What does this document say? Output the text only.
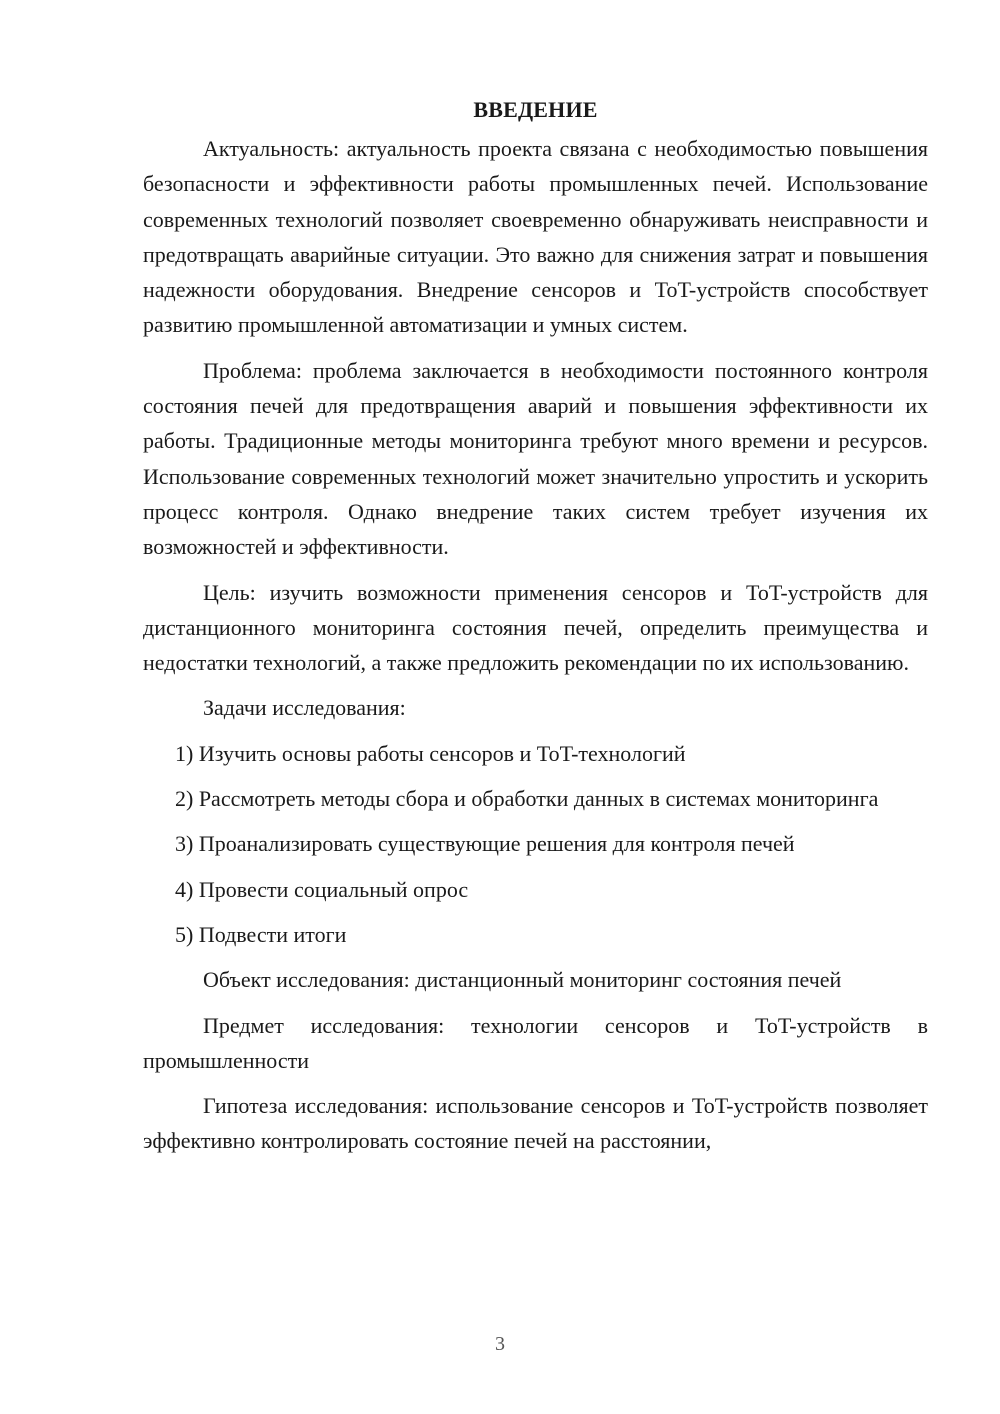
ВВЕДЕНИЕ

Актуальность: актуальность проекта связана с необходимостью повышения безопасности и эффективности работы промышленных печей. Использование современных технологий позволяет своевременно обнаруживать неисправности и предотвращать аварийные ситуации. Это важно для снижения затрат и повышения надежности оборудования. Внедрение сенсоров и ToT-устройств способствует развитию промышленной автоматизации и умных систем.

Проблема: проблема заключается в необходимости постоянного контроля состояния печей для предотвращения аварий и повышения эффективности их работы. Традиционные методы мониторинга требуют много времени и ресурсов. Использование современных технологий может значительно упростить и ускорить процесс контроля. Однако внедрение таких систем требует изучения их возможностей и эффективности.

Цель: изучить возможности применения сенсоров и ToT-устройств для дистанционного мониторинга состояния печей, определить преимущества и недостатки технологий, а также предложить рекомендации по их использованию.

Задачи исследования:

1) Изучить основы работы сенсоров и ToT-технологий

2) Рассмотреть методы сбора и обработки данных в системах мониторинга

3) Проанализировать существующие решения для контроля печей

4) Провести социальный опрос

5) Подвести итоги

Объект исследования: дистанционный мониторинг состояния печей

Предмет исследования: технологии сенсоров и ToT-устройств в промышленности

Гипотеза исследования: использование сенсоров и ToT-устройств позволяет эффективно контролировать состояние печей на расстоянии,

3
